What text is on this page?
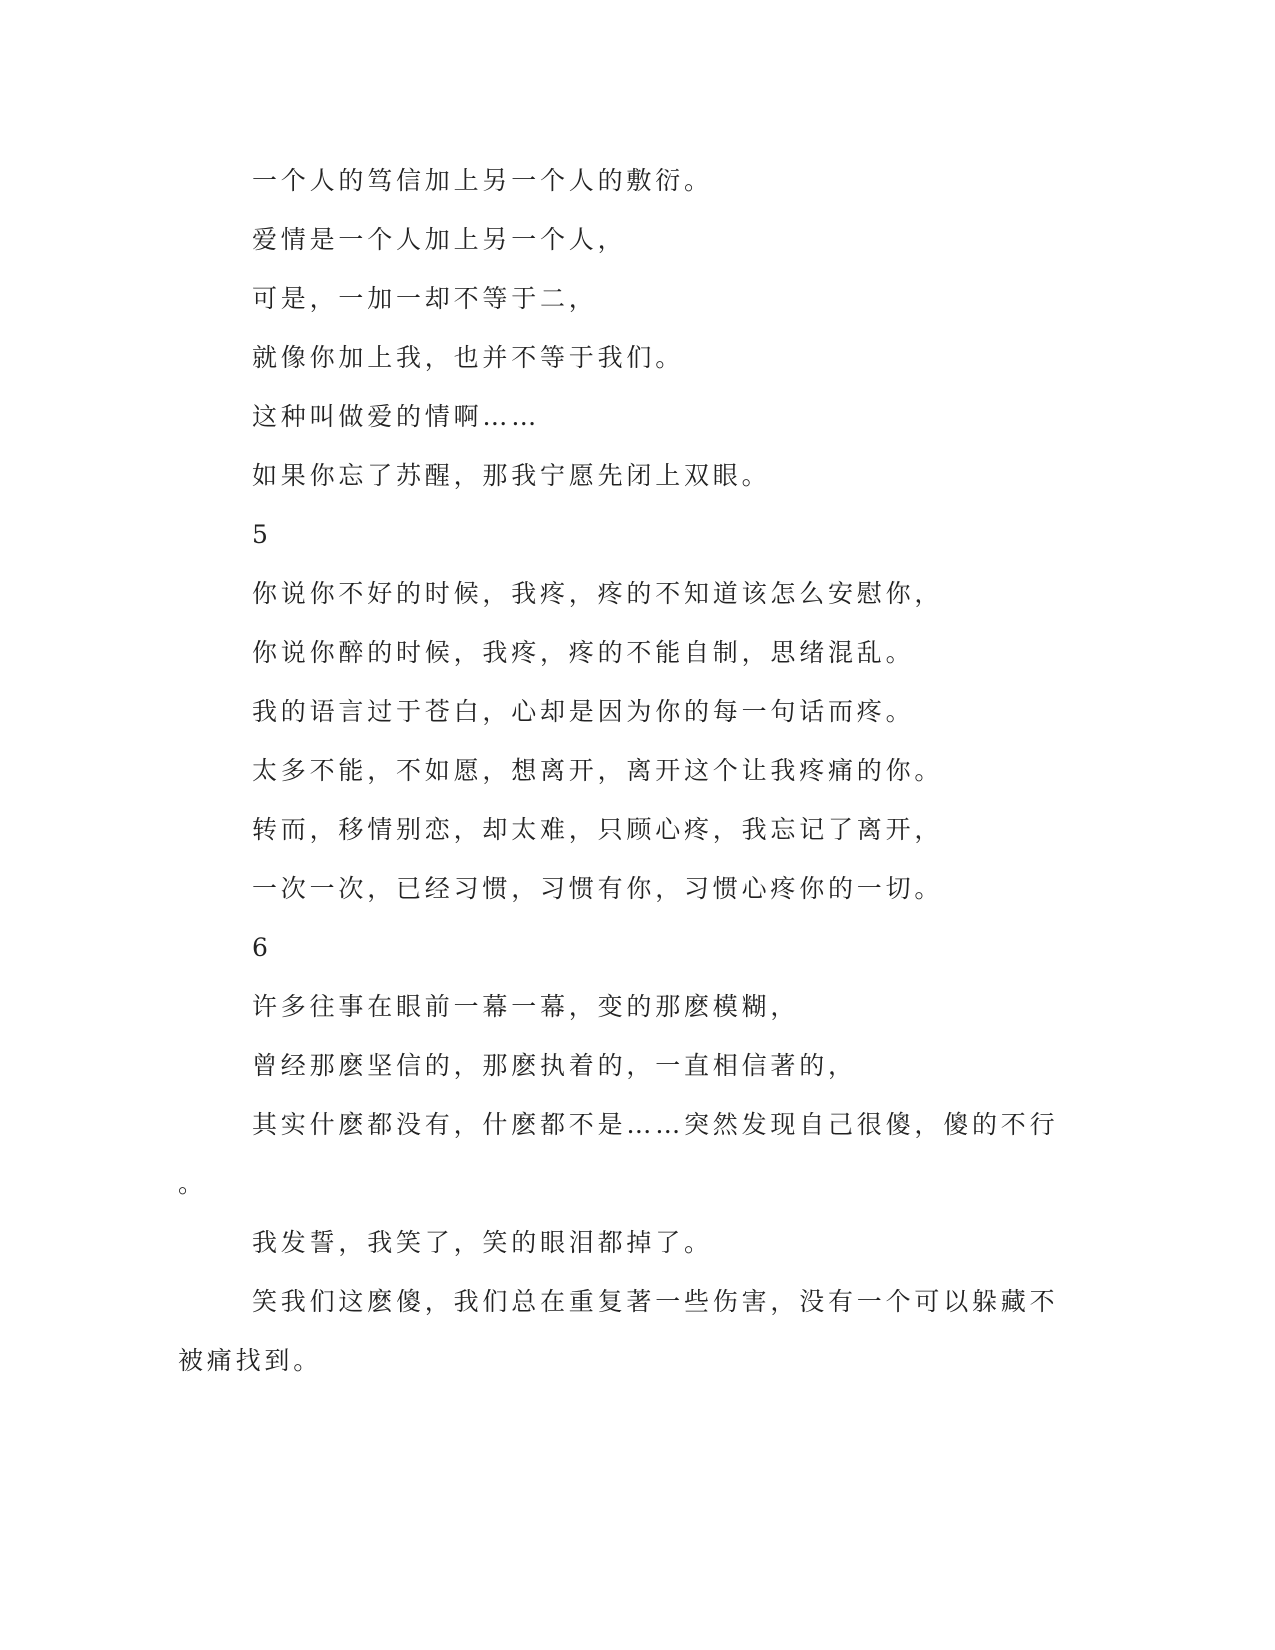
一个人的笃信加上另一个人的敷衍。

爱情是一个人加上另一个人，

可是，一加一却不等于二，

就像你加上我，也并不等于我们。

这种叫做爱的情啊……

如果你忘了苏醒，那我宁愿先闭上双眼。

5

你说你不好的时候，我疼，疼的不知道该怎么安慰你，

你说你醉的时候，我疼，疼的不能自制，思绪混乱。

我的语言过于苍白，心却是因为你的每一句话而疼。

太多不能，不如愿，想离开，离开这个让我疼痛的你。

转而，移情别恋，却太难，只顾心疼，我忘记了离开，

一次一次，已经习惯，习惯有你，习惯心疼你的一切。

6

许多往事在眼前一幕一幕，变的那麽模糊，

曾经那麽坚信的，那麽执着的，一直相信著的，

其实什麽都没有，什麽都不是……突然发现自己很傻，傻的不行

。

我发誓，我笑了，笑的眼泪都掉了。

笑我们这麽傻，我们总在重复著一些伤害，没有一个可以躲藏不

被痛找到。
